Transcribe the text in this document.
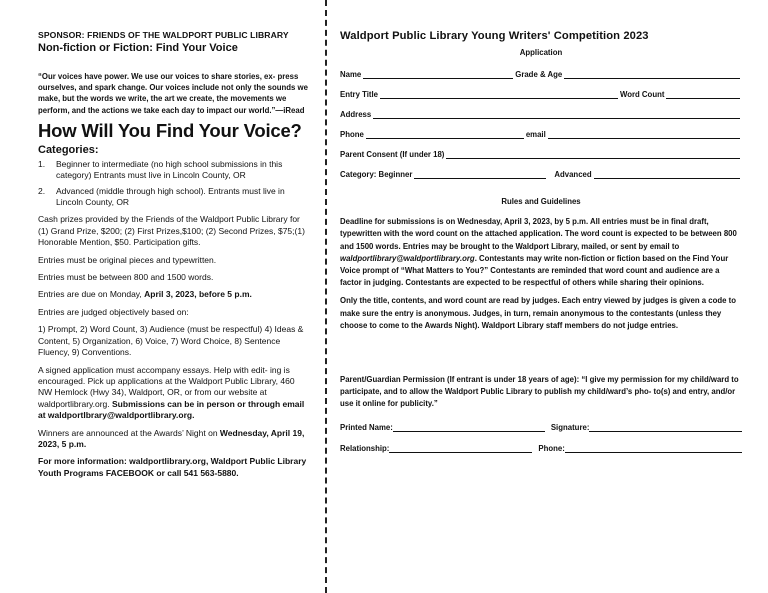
SPONSOR: FRIENDS OF THE WALDPORT PUBLIC LIBRARY

Non-fiction or Fiction: Find Your Voice

“Our voices have power. We use our voices to share stories, ex- press ourselves, and spark change. Our voices include not only the sounds we make, but the words we write, the art we create, the movements we perform, and the actions we take each day to impact our world.”—iRead

How Will You Find Your Voice?
Categories:
1.	Beginner to intermediate (no high school submissions in this category) Entrants must live in Lincoln County, OR
2.	Advanced (middle through high school). Entrants must live in Lincoln County, OR

Cash prizes provided by the Friends of the Waldport Public Library for (1) Grand Prize, $200; (2) First Prizes,$100; (2) Second Prizes, $75;(1) Honorable Mention, $50. Participation gifts.

Entries must be original pieces and typewritten.

Entries must be between 800 and 1500 words.

Entries are due on Monday, April 3, 2023, before 5 p.m.

Entries are judged objectively based on:

1) Prompt, 2) Word Count, 3) Audience (must be respectful) 4) Ideas & Content, 5) Organization, 6) Voice, 7) Word Choice, 8) Sentence Fluency, 9) Conventions.

A signed application must accompany essays. Help with edit- ing is encouraged. Pick up applications at the Waldport Public Library, 460 NW Hemlock (Hwy 34), Waldport, OR, or from our website at waldportlibrary.org. Submissions can be in person or through email at waldportlbrary@waldportlibrary.org.

Winners are announced at the Awards’ Night on Wednesday, April 19, 2023, 5 p.m.

For more information: waldportlibrary.org, Waldport Public Library Youth Programs FACEBOOK or call 541 563-5880.

Waldport Public Library Young Writers' Competition 2023
Application
Name	Grade & Age
Entry Title	Word Count
Address
Phone	email
Parent Consent (If under 18)
Category: Beginner	Advanced
Rules and Guidelines

Deadline for submissions is on Wednesday, April 3, 2023, by 5 p.m. All entries must be in final draft, typewritten with the word count on the attached application. The word count is expected to be between 800 and 1500 words. Entries may be brought to the Waldport Library, mailed, or sent by email to waldportlibrary@waldportlibrary.org. Contestants may write non-fiction or fiction based on the Find Your Voice prompt of “What Matters to You?” Contestants are reminded that word count and audience are a factor in judging. Contestants are expected to be respectful of others while sharing their opinions.

Only the title, contents, and word count are read by judges. Each entry viewed by judges is given a code to make sure the entry is anonymous. Judges, in turn, remain anonymous to the contestants (unless they choose to come to the Awards Night). Waldport Library staff members do not judge entries.

Parent/Guardian Permission (If entrant is under 18 years of age): “I give my permission for my child/ward to participate, and to allow the Waldport Public Library to publish my child/ward’s pho- to(s) and entry, and/or use it online for publicity.”

Printed Name:	Signature:
Relationship:	Phone:
